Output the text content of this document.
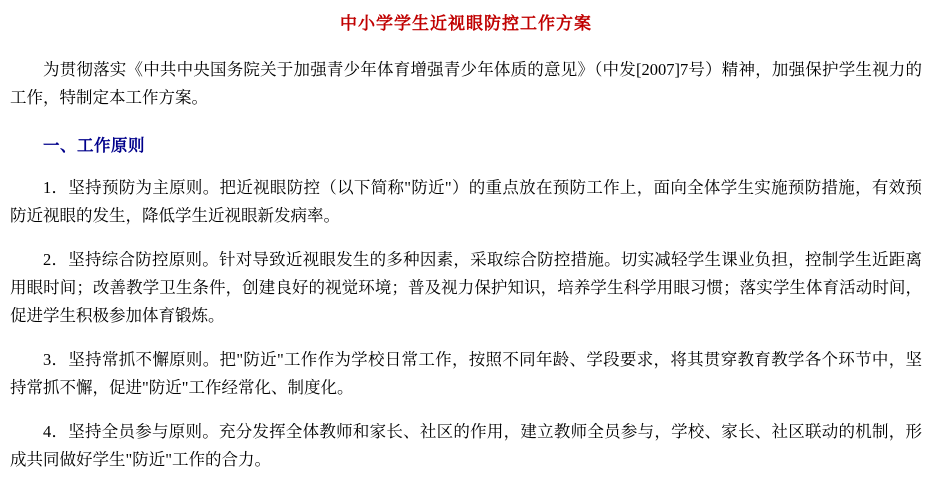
中小学学生近视眼防控工作方案

为贯彻落实《中共中央国务院关于加强青少年体育增强青少年体质的意见》（中发[2007]7号）精神，加强保护学生视力的工作，特制定本工作方案。

一、工作原则

1．坚持预防为主原则。把近视眼防控（以下简称"防近"）的重点放在预防工作上，面向全体学生实施预防措施，有效预防近视眼的发生，降低学生近视眼新发病率。

2．坚持综合防控原则。针对导致近视眼发生的多种因素，采取综合防控措施。切实减轻学生课业负担，控制学生近距离用眼时间；改善教学卫生条件，创建良好的视觉环境；普及视力保护知识，培养学生科学用眼习惯；落实学生体育活动时间，促进学生积极参加体育锻炼。

3．坚持常抓不懈原则。把"防近"工作作为学校日常工作，按照不同年龄、学段要求，将其贯穿教育教学各个环节中，坚持常抓不懈，促进"防近"工作经常化、制度化。

4．坚持全员参与原则。充分发挥全体教师和家长、社区的作用，建立教师全员参与，学校、家长、社区联动的机制，形成共同做好学生"防近"工作的合力。
